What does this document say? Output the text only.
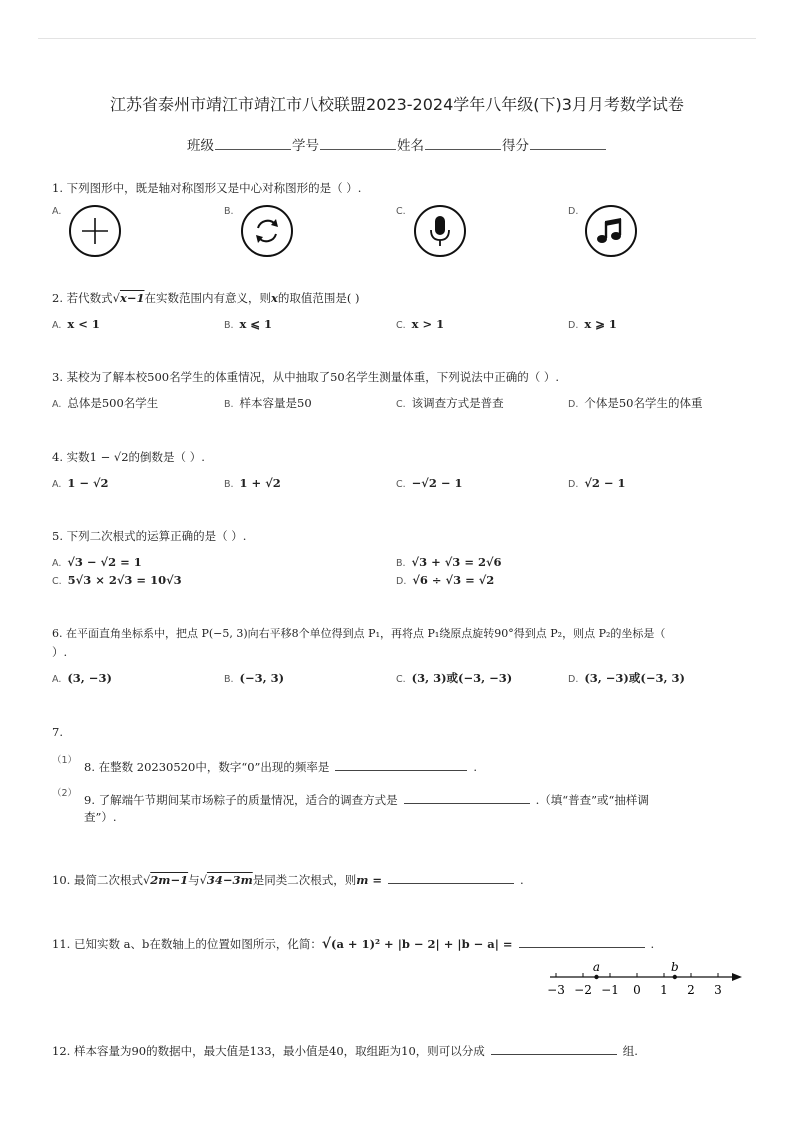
江苏省泰州市靖江市靖江市八校联盟2023-2024学年八年级(下)3月月考数学试卷
班级	学号	姓名	得分
1. 下列图形中，既是轴对称图形又是中心对称图形的是（ ）.
A.	B.	C.	D.
2. 若代数式√x−1在实数范围内有意义，则x的取值范围是( )
A. x < 1	B. x ⩽ 1	C. x > 1	D. x ⩾ 1
3. 某校为了解本校500名学生的体重情况，从中抽取了50名学生测量体重，下列说法中正确的（ ）.
A. 总体是500名学生	B. 样本容量是50	C. 该调查方式是普查	D. 个体是50名学生的体重
4. 实数1 − √2的倒数是（ ）.
A. 1 − √2	B. 1 + √2	C. −√2 − 1	D. √2 − 1
5. 下列二次根式的运算正确的是（ ）.
A. √3 − √2 = 1	B. √3 + √3 = 2√6
C. 5√3 × 2√3 = 10√3	D. √6 ÷ √3 = √2
6. 在平面直角坐标系中，把点 P(−5, 3)向右平移8个单位得到点 P₁，再将点 P₁绕原点旋转90°得到点 P₂，则点 P₂的坐标是（
）.
A. (3, −3)	B. (−3, 3)	C. (3, 3)或(−3, −3)	D. (3, −3)或(−3, 3)
7.
（1） 8. 在整数 20230520中，数字“0”出现的频率是	.
（2） 9. 了解端午节期间某市场粽子的质量情况，适合的调查方式是	.（填“普查”或“抽样调
查”）.
10. 最简二次根式√2m−1与√34−3m是同类二次根式，则m =	.
11. 已知实数 a、b在数轴上的位置如图所示，化简：√(a + 1)² + |b − 2| + |b − a| =	.
−3 −2 −1 0 1 2 3
a	b
12. 样本容量为90的数据中，最大值是133，最小值是40，取组距为10，则可以分成	组.
